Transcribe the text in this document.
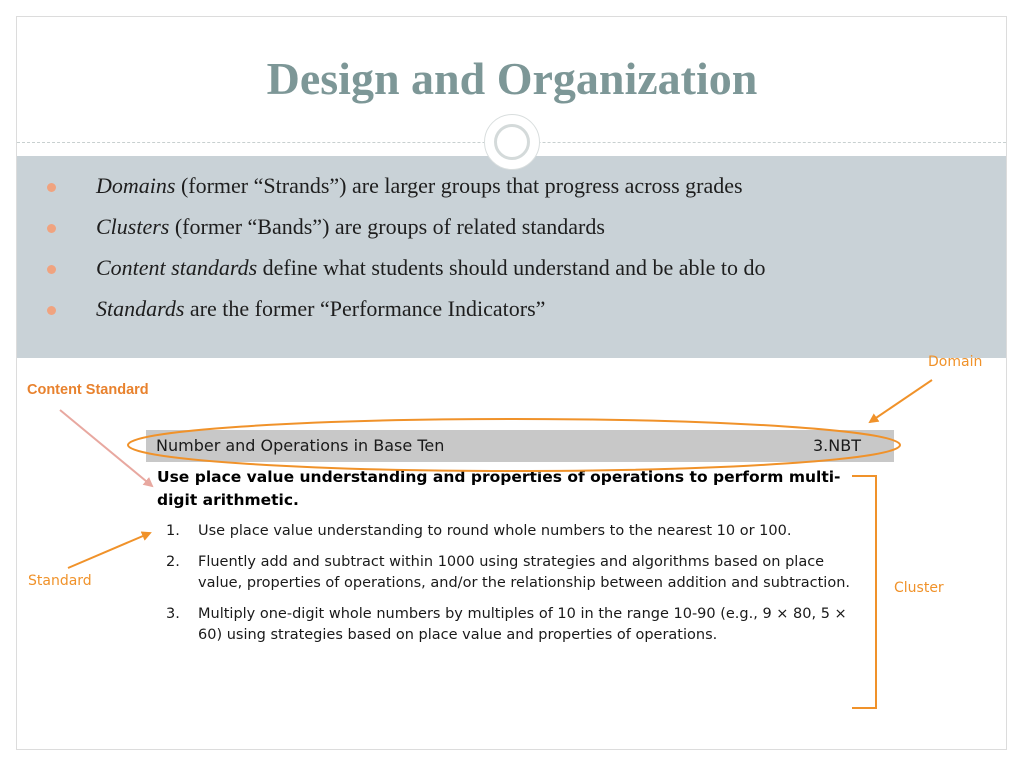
Design and Organization
Domains (former “Strands”) are larger groups that progress across grades
Clusters (former “Bands”) are groups of related standards
Content standards define what students should understand and be able to do
Standards are the former “Performance Indicators”
Number and Operations in Base Ten	3.NBT

Use place value understanding and properties of operations to perform multi-digit arithmetic.

1. Use place value understanding to round whole numbers to the nearest 10 or 100.
2. Fluently add and subtract within 1000 using strategies and algorithms based on place value, properties of operations, and/or the relationship between addition and subtraction.
3. Multiply one-digit whole numbers by multiples of 10 in the range 10-90 (e.g., 9 × 80, 5 × 60) using strategies based on place value and properties of operations.
Content Standard
Domain
Standard	Cluster
